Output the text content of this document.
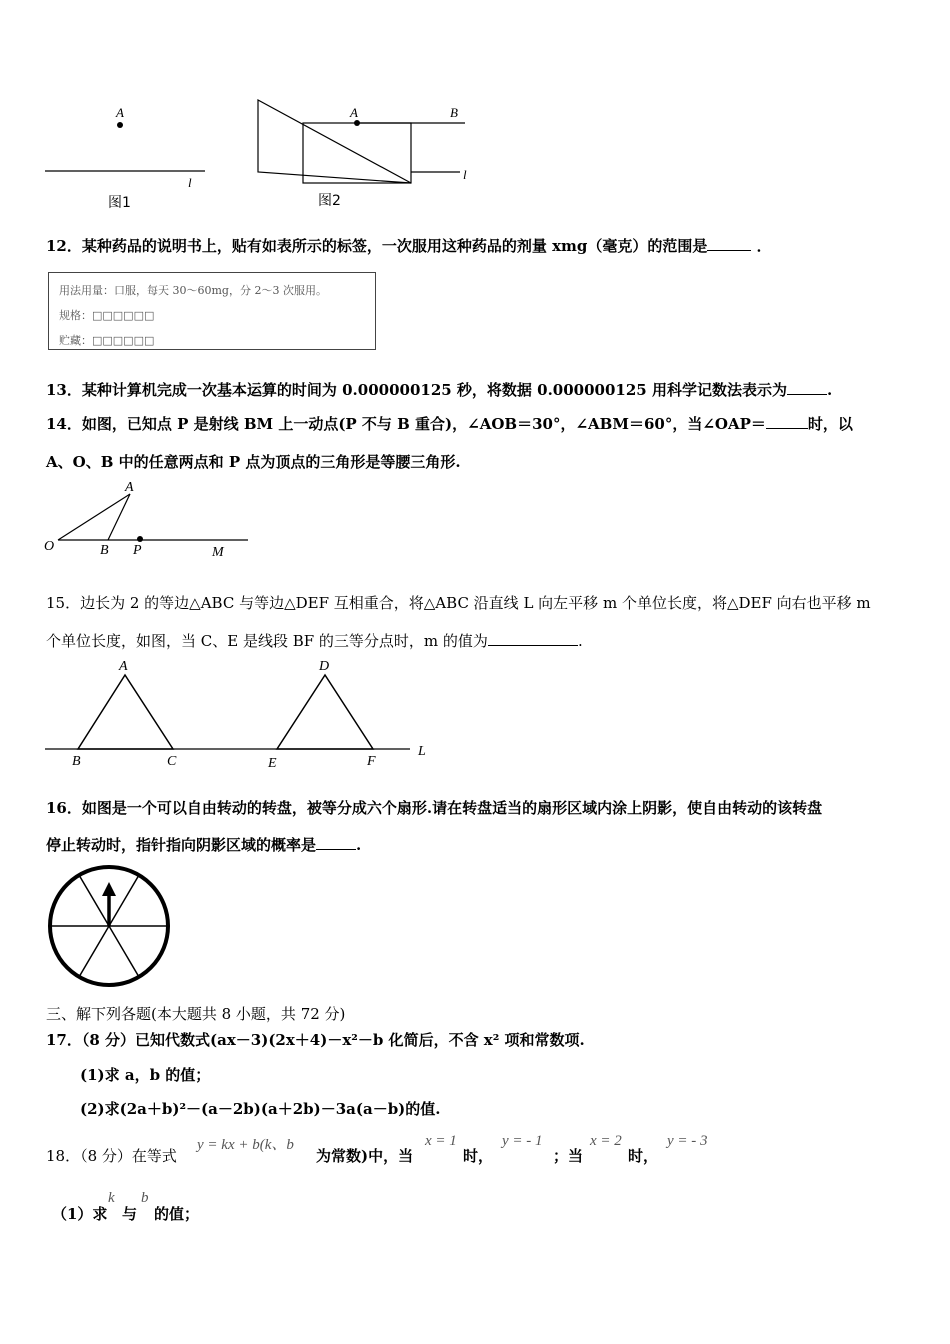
A
l
A	B
l
图1	图2
12．某种药品的说明书上，贴有如表所示的标签，一次服用这种药品的剂量 xmg（毫克）的范围是	．
用法用量：口服，每天 30～60mg，分 2～3 次服用。
规格：□□□□□□
贮藏：□□□□□□
13．某种计算机完成一次基本运算的时间为 0.000000125 秒，将数据 0.000000125 用科学记数法表示为	.
14．如图，已知点 P 是射线 BM 上一动点(P 不与 B 重合)，∠AOB＝30°，∠ABM＝60°，当∠OAP＝	时，以
A、O、B 中的任意两点和 P 点为顶点的三角形是等腰三角形.
O
A
B P	M
15．边长为 2 的等边△ABC 与等边△DEF 互相重合，将△ABC 沿直线 L 向左平移 m 个单位长度，将△DEF 向右也平移 m
个单位长度，如图，当 C、E 是线段 BF 的三等分点时，m 的值为	.
A
B	C
D
E	F
L
16．如图是一个可以自由转动的转盘，被等分成六个扇形.请在转盘适当的扇形区域内涂上阴影，使自由转动的该转盘
停止转动时，指针指向阴影区域的概率是	.
三、解下列各题(本大题共 8 小题，共 72 分)
17．（8 分）已知代数式(ax－3)(2x＋4)－x²－b 化简后，不含 x² 项和常数项.
(1)求 a，b 的值；
(2)求(2a＋b)²－(a－2b)(a＋2b)－3a(a－b)的值.
18．（8 分）在等式
y = kx + b(k、b
为常数)中，当
x = 1
时，
y = - 1
；当
x = 2
时，
y = - 3
（1）求
k
与
b
的值；
